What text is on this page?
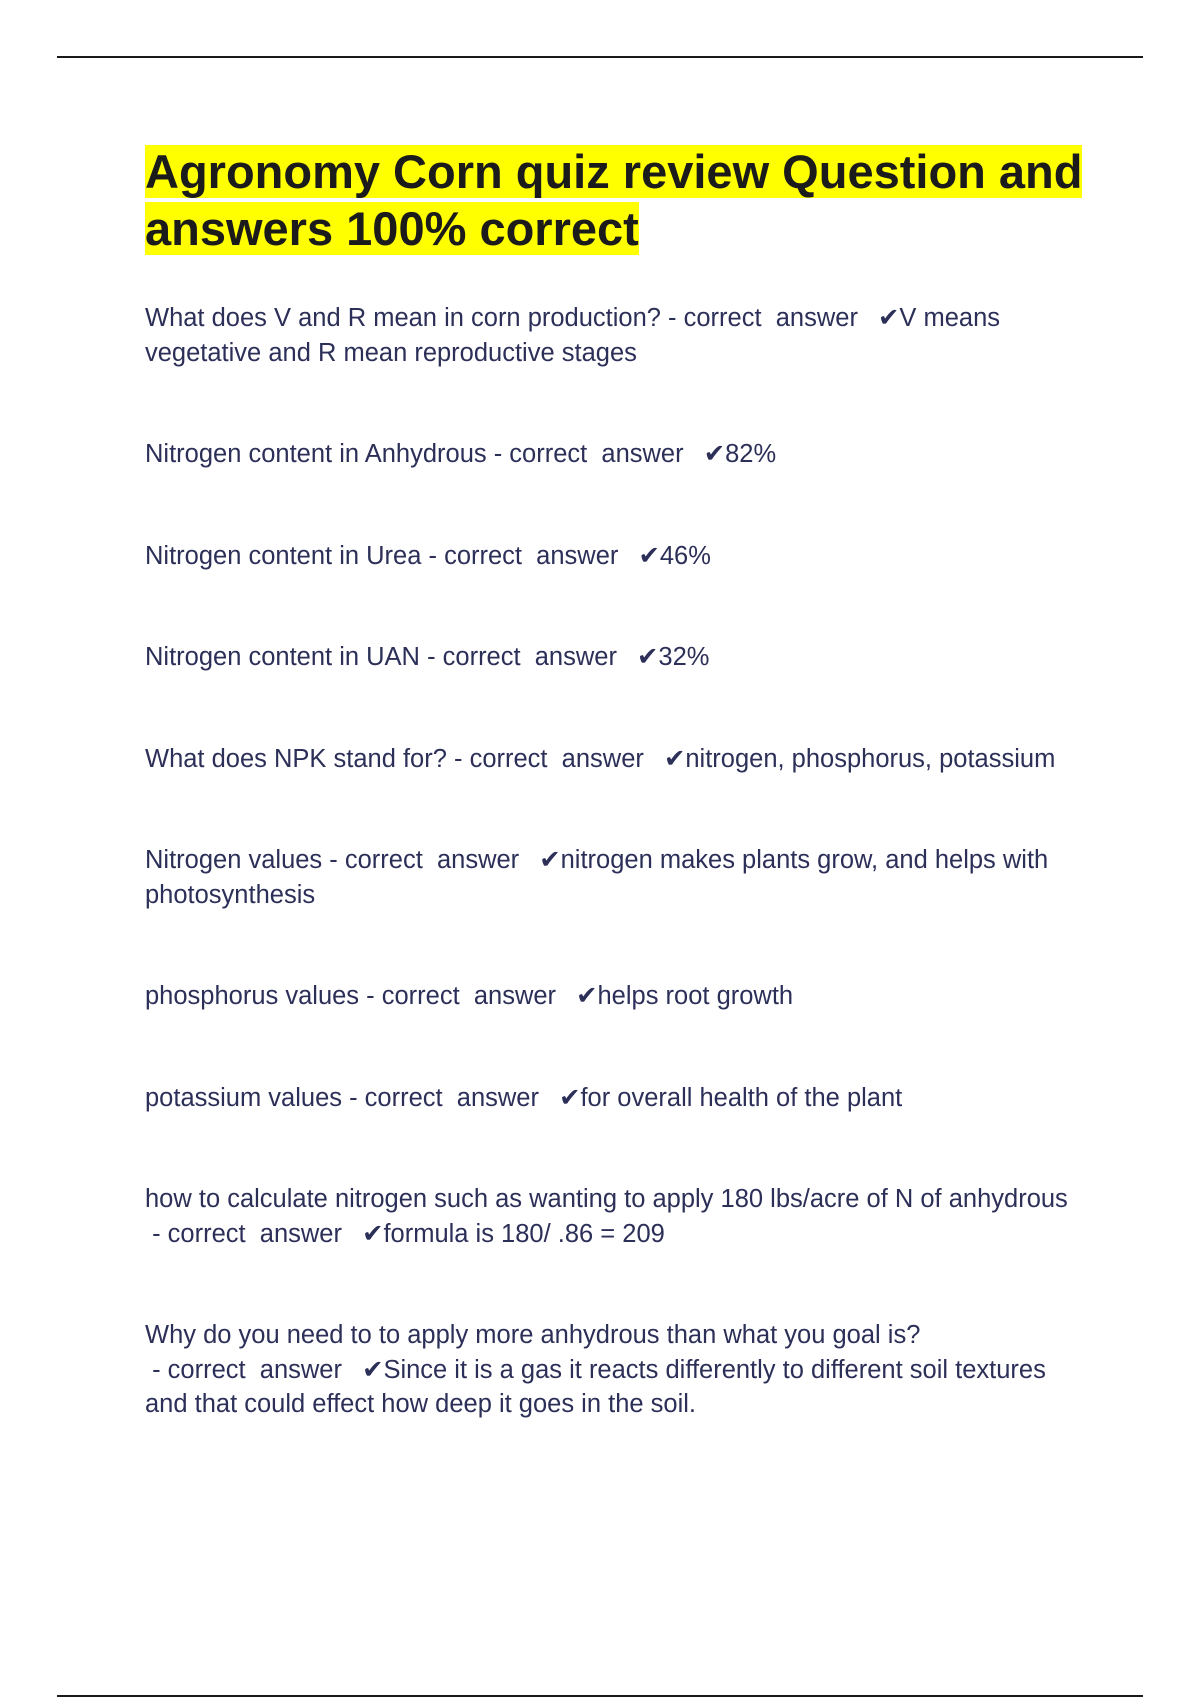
Agronomy Corn quiz review Question and answers 100% correct

What does V and R mean in corn production? - correct  answer ✔V means vegetative and R mean reproductive stages

Nitrogen content in Anhydrous - correct  answer ✔82%

Nitrogen content in Urea - correct  answer ✔46%

Nitrogen content in UAN - correct  answer ✔32%

What does NPK stand for? - correct  answer ✔nitrogen, phosphorus, potassium

Nitrogen values - correct  answer ✔nitrogen makes plants grow, and helps with photosynthesis

phosphorus values - correct  answer ✔helps root growth

potassium values - correct  answer ✔for overall health of the plant

how to calculate nitrogen such as wanting to apply 180 lbs/acre of N of anhydrous - correct  answer ✔formula is 180/ .86 = 209

Why do you need to to apply more anhydrous than what you goal is? - correct  answer ✔Since it is a gas it reacts differently to different soil textures and that could effect how deep it goes in the soil.
